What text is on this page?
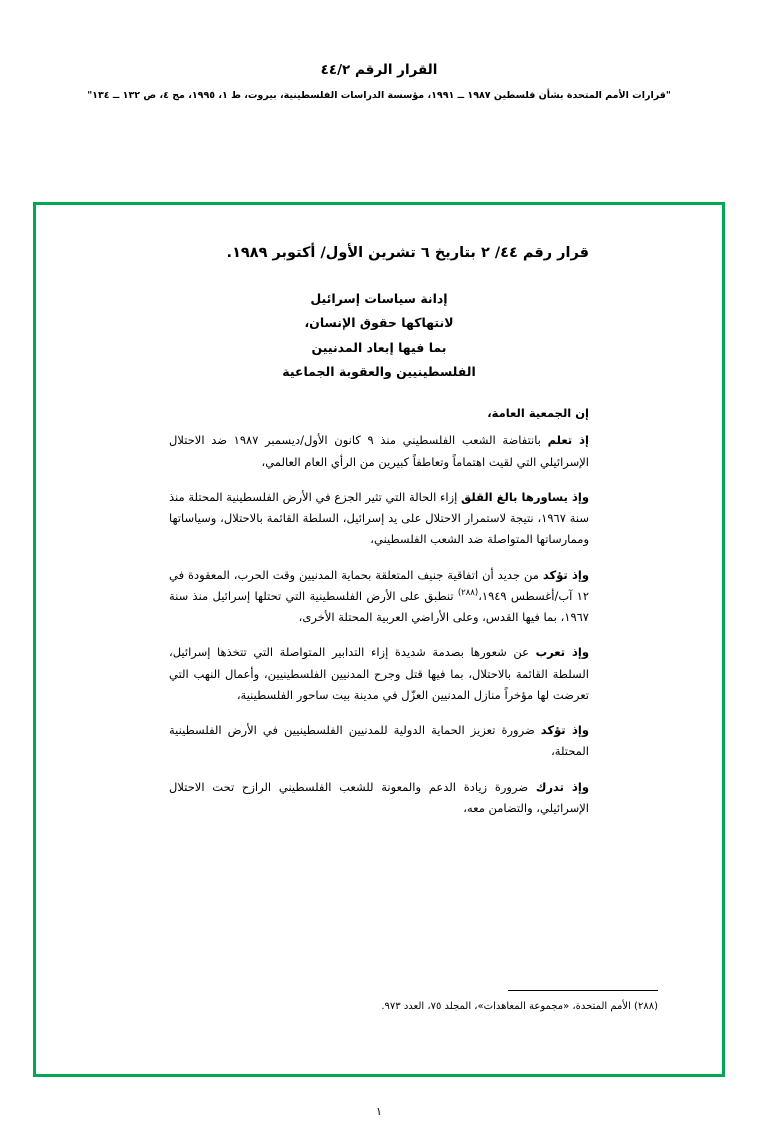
القرار الرقم ٤٤/٢
"قرارات الأمم المتحدة بشأن فلسطين ١٩٨٧ ــ ١٩٩١، مؤسسة الدراسات الفلسطينية، بيروت، ط ١، ١٩٩٥، مج ٤، ص ١٣٢ ــ ١٣٤"
قرار رقم ٤٤/ ٢ بتاريخ ٦ تشرين الأول/ أكتوبر ١٩٨٩.
إدانة سياسات إسرائيل
لانتهاكها حقوق الإنسان،
بما فيها إبعاد المدنيين
الفلسطينيين والعقوبة الجماعية
إن الجمعية العامة،

إذ تعلم بانتفاضة الشعب الفلسطيني منذ ٩ كانون الأول/ديسمبر ١٩٨٧ ضد الاحتلال الإسرائيلي التي لقيت اهتماماً وتعاطفاً كبيرين من الرأي العام العالمي،

وإذ يساورها بالغ القلق إزاء الحالة التي تثير الجزع في الأرض الفلسطينية المحتلة منذ سنة ١٩٦٧، نتيجة لاستمرار الاحتلال على يد إسرائيل، السلطة القائمة بالاحتلال، وسياساتها وممارساتها المتواصلة ضد الشعب الفلسطيني،

وإذ تؤكد من جديد أن اتفاقية جنيف المتعلقة بحماية المدنيين وقت الحرب، المعقودة في ١٢ آب/أغسطس ١٩٤٩،$^{(٢٨٨)}$ تنطبق على الأرض الفلسطينية التي تحتلها إسرائيل منذ سنة ١٩٦٧، بما فيها القدس، وعلى الأراضي العربية المحتلة الأخرى،

وإذ تعرب عن شعورها بصدمة شديدة إزاء التدابير المتواصلة التي تتخذها إسرائيل، السلطة القائمة بالاحتلال، بما فيها قتل وجرح المدنيين الفلسطينيين، وأعمال النهب التي تعرضت لها مؤخراً منازل المدنيين العزّل في مدينة بيت ساحور الفلسطينية،

وإذ تؤكد ضرورة تعزيز الحماية الدولية للمدنيين الفلسطينيين في الأرض الفلسطينية المحتلة،

وإذ تدرك ضرورة زيادة الدعم والمعونة للشعب الفلسطيني الرازح تحت الاحتلال الإسرائيلي، والتضامن معه،

(٢٨٨) الأمم المتحدة، «مجموعة المعاهدات»، المجلد ٧٥، العدد ٩٧٣.
١
